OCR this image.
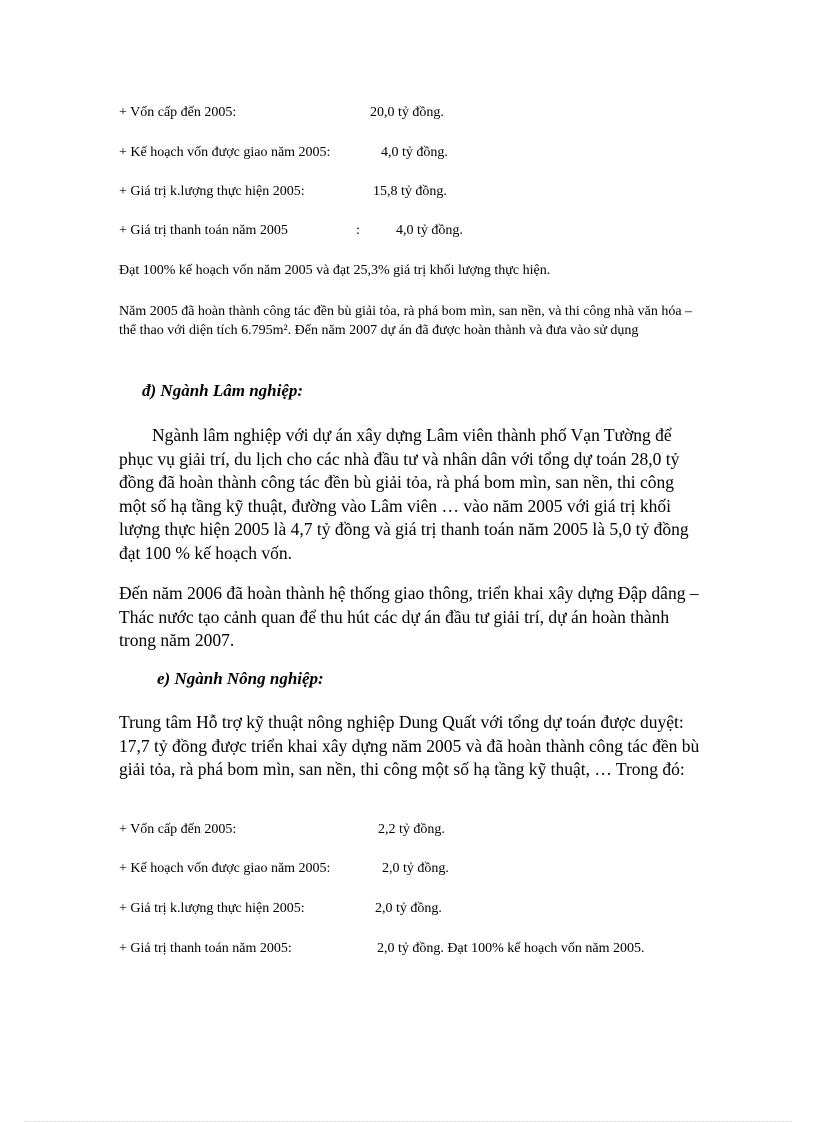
+ Vốn cấp đến 2005:	20,0 tỷ đồng.
+ Kế hoạch vốn được giao năm 2005:	4,0 tỷ đồng.
+ Giá trị k.lượng thực hiện 2005:	15,8 tỷ đồng.
+ Giá trị thanh toán năm 2005	:	4,0 tỷ đồng.
Đạt 100% kế hoạch vốn năm 2005 và đạt 25,3% giá trị khối lượng thực hiện.
Năm 2005 đã hoàn thành công tác đền bù giải tỏa, rà phá bom mìn, san nền, và thi công nhà văn hóa – thể thao với diện tích 6.795m². Đến năm 2007 dự án đã được hoàn thành và đưa vào sử dụng
đ) Ngành Lâm nghiệp:
Ngành lâm nghiệp với dự án xây dựng Lâm viên thành phố Vạn Tường để phục vụ giải trí, du lịch cho các nhà đầu tư và nhân dân với tổng dự toán 28,0 tỷ đồng đã hoàn thành công tác đền bù giải tỏa, rà phá bom mìn, san nền, thi công một số hạ tầng kỹ thuật, đường vào Lâm viên … vào năm 2005 với giá trị khối lượng thực hiện 2005 là 4,7 tỷ đồng và giá trị thanh toán năm 2005 là 5,0 tỷ đồng đạt 100 % kế hoạch vốn.
Đến năm 2006 đã hoàn thành hệ thống giao thông, triển khai xây dựng Đập dâng – Thác nước tạo cảnh quan để thu hút các dự án đầu tư giải trí, dự án hoàn thành trong năm 2007.
e) Ngành Nông nghiệp:
Trung tâm Hỗ trợ kỹ thuật nông nghiệp Dung Quất với tổng dự toán được duyệt: 17,7 tỷ đồng được triển khai xây dựng năm 2005 và đã hoàn thành công tác đền bù giải tỏa, rà phá bom mìn, san nền, thi công một số hạ tầng kỹ thuật, … Trong đó:
+ Vốn cấp đến 2005:	2,2 tỷ đồng.
+ Kế hoạch vốn được giao năm 2005:	2,0 tỷ đồng.
+ Giá trị k.lượng thực hiện 2005:	2,0 tỷ đồng.
+ Giá trị thanh toán năm 2005:	2,0 tỷ đồng. Đạt 100% kế hoạch vốn năm 2005.
